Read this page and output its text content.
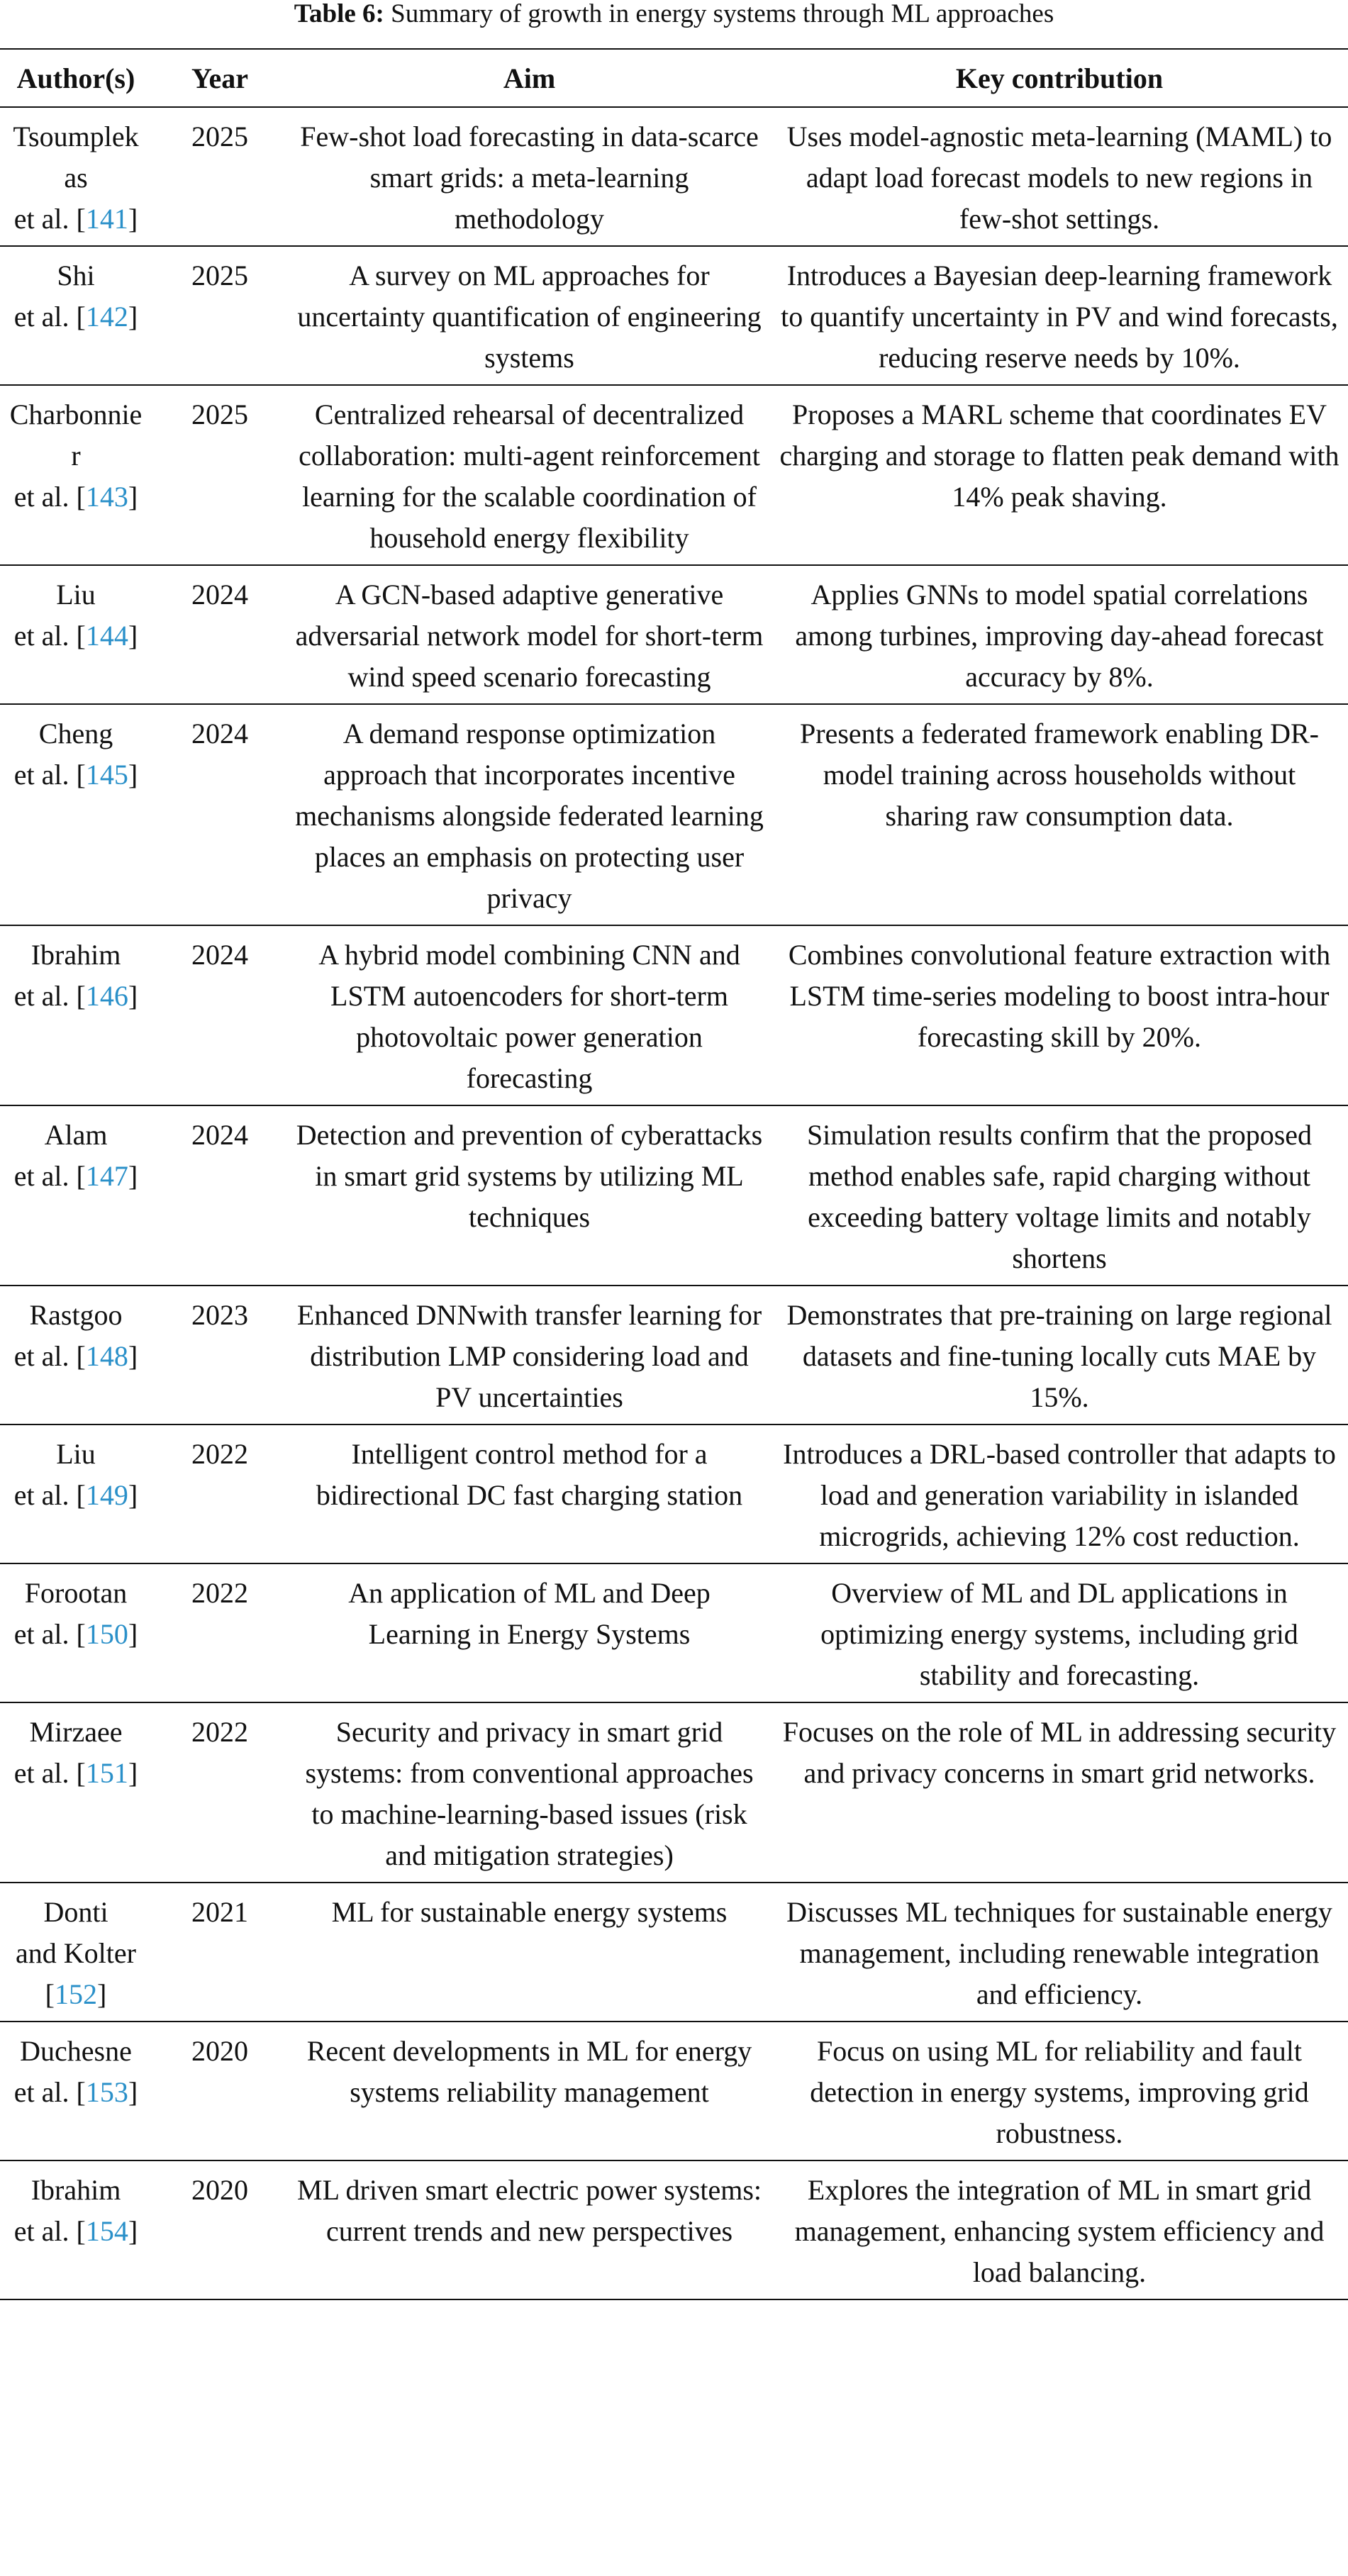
Table 6: Summary of growth in energy systems through ML approaches
Author(s)	Year	Aim	Key contribution

Tsoumplekas
et al. [141]	2025	Few-shot load forecasting in data-scarce smart grids: a meta-learning methodology	Uses model-agnostic meta-learning (MAML) to adapt load forecast models to new regions in few-shot settings.

Shi
et al. [142]	2025	A survey on ML approaches for uncertainty quantification of engineering systems	Introduces a Bayesian deep-learning framework to quantify uncertainty in PV and wind forecasts, reducing reserve needs by 10%.

Charbonnier
et al. [143]	2025	Centralized rehearsal of decentralized collaboration: multi-agent reinforcement learning for the scalable coordination of household energy flexibility	Proposes a MARL scheme that coordinates EV charging and storage to flatten peak demand with 14% peak shaving.

Liu
et al. [144]	2024	A GCN-based adaptive generative adversarial network model for short-term wind speed scenario forecasting	Applies GNNs to model spatial correlations among turbines, improving day-ahead forecast accuracy by 8%.

Cheng
et al. [145]	2024	A demand response optimization approach that incorporates incentive mechanisms alongside federated learning places an emphasis on protecting user privacy	Presents a federated framework enabling DR-model training across households without sharing raw consumption data.

Ibrahim
et al. [146]	2024	A hybrid model combining CNN and LSTM autoencoders for short-term photovoltaic power generation forecasting	Combines convolutional feature extraction with LSTM time-series modeling to boost intra-hour forecasting skill by 20%.

Alam
et al. [147]	2024	Detection and prevention of cyberattacks in smart grid systems by utilizing ML techniques	Simulation results confirm that the proposed method enables safe, rapid charging without exceeding battery voltage limits and notably shortens

Rastgoo
et al. [148]	2023	Enhanced DNNwith transfer learning for distribution LMP considering load and PV uncertainties	Demonstrates that pre-training on large regional datasets and fine-tuning locally cuts MAE by 15%.

Liu
et al. [149]	2022	Intelligent control method for a bidirectional DC fast charging station	Introduces a DRL-based controller that adapts to load and generation variability in islanded microgrids, achieving 12% cost reduction.

Forootan
et al. [150]	2022	An application of ML and Deep Learning in Energy Systems	Overview of ML and DL applications in optimizing energy systems, including grid stability and forecasting.

Mirzaee
et al. [151]	2022	Security and privacy in smart grid systems: from conventional approaches to machine-learning-based issues (risk and mitigation strategies)	Focuses on the role of ML in addressing security and privacy concerns in smart grid networks.

Donti
and Kolter [152]	2021	ML for sustainable energy systems	Discusses ML techniques for sustainable energy management, including renewable integration and efficiency.

Duchesne
et al. [153]	2020	Recent developments in ML for energy systems reliability management	Focus on using ML for reliability and fault detection in energy systems, improving grid robustness.

Ibrahim
et al. [154]	2020	ML driven smart electric power systems: current trends and new perspectives	Explores the integration of ML in smart grid management, enhancing system efficiency and load balancing.
